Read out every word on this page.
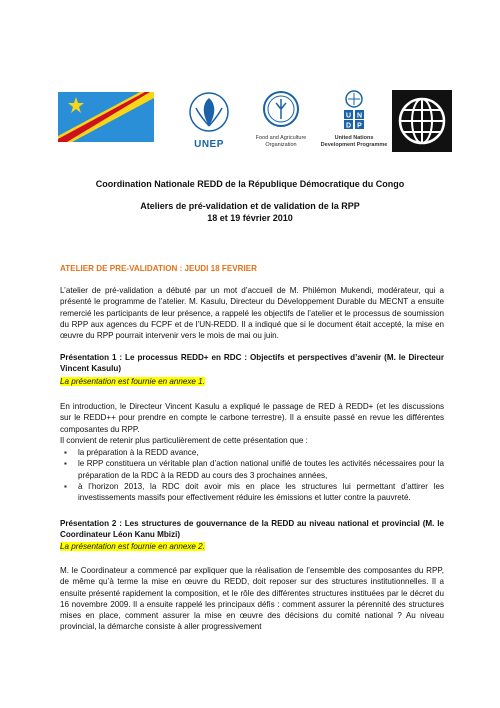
UNEP
Food and Agriculture Organization
U N
D P
United Nations Development Programme
Coordination Nationale REDD de la République Démocratique du Congo
Ateliers de pré-validation et de validation de la RPP
18 et 19 février 2010
ATELIER DE PRE-VALIDATION : JEUDI 18 FEVRIER
L’atelier de pré-validation a débuté par un mot d’accueil de M. Philémon Mukendi, modérateur, qui a présenté le programme de l’atelier. M. Kasulu, Directeur du Développement Durable du MECNT a ensuite remercié les participants de leur présence, a rappelé les objectifs de l’atelier et le processus de soumission du RPP aux agences du FCPF et de l’UN-REDD. Il a indiqué que si le document était accepté, la mise en œuvre du RPP pourrait intervenir vers le mois de mai ou juin.
Présentation 1 : Le processus REDD+ en RDC : Objectifs et perspectives d’avenir (M. le Directeur Vincent Kasulu)
La présentation est fournie en annexe 1.
En introduction, le Directeur Vincent Kasulu a expliqué le passage de RED à REDD+ (et les discussions sur le REDD++ pour prendre en compte le carbone terrestre). Il a ensuite passé en revue les différentes composantes du RPP.
Il convient de retenir plus particulièrement de cette présentation que :
▪ la préparation à la REDD avance,
▪ le RPP constituera un véritable plan d’action national unifié de toutes les activités nécessaires pour la préparation de la RDC à la REDD au cours des 3 prochaines années,
▪ à l’horizon 2013, la RDC doit avoir mis en place les structures lui permettant d’attirer les investissements massifs pour effectivement réduire les émissions et lutter contre la pauvreté.
Présentation 2 : Les structures de gouvernance de la REDD au niveau national et provincial (M. le Coordinateur Léon Kanu Mbizi)
La présentation est fournie en annexe 2.
M. le Coordinateur a commencé par expliquer que la réalisation de l’ensemble des composantes du RPP, de même qu’à terme la mise en œuvre du REDD, doit reposer sur des structures institutionnelles. Il a ensuite présenté rapidement la composition, et le rôle des différentes structures instituées par le décret du 16 novembre 2009. Il a ensuite rappelé les principaux défis : comment assurer la pérennité des structures mises en place, comment assurer la mise en œuvre des décisions du comité national ? Au niveau provincial, la démarche consiste à aller progressivement
